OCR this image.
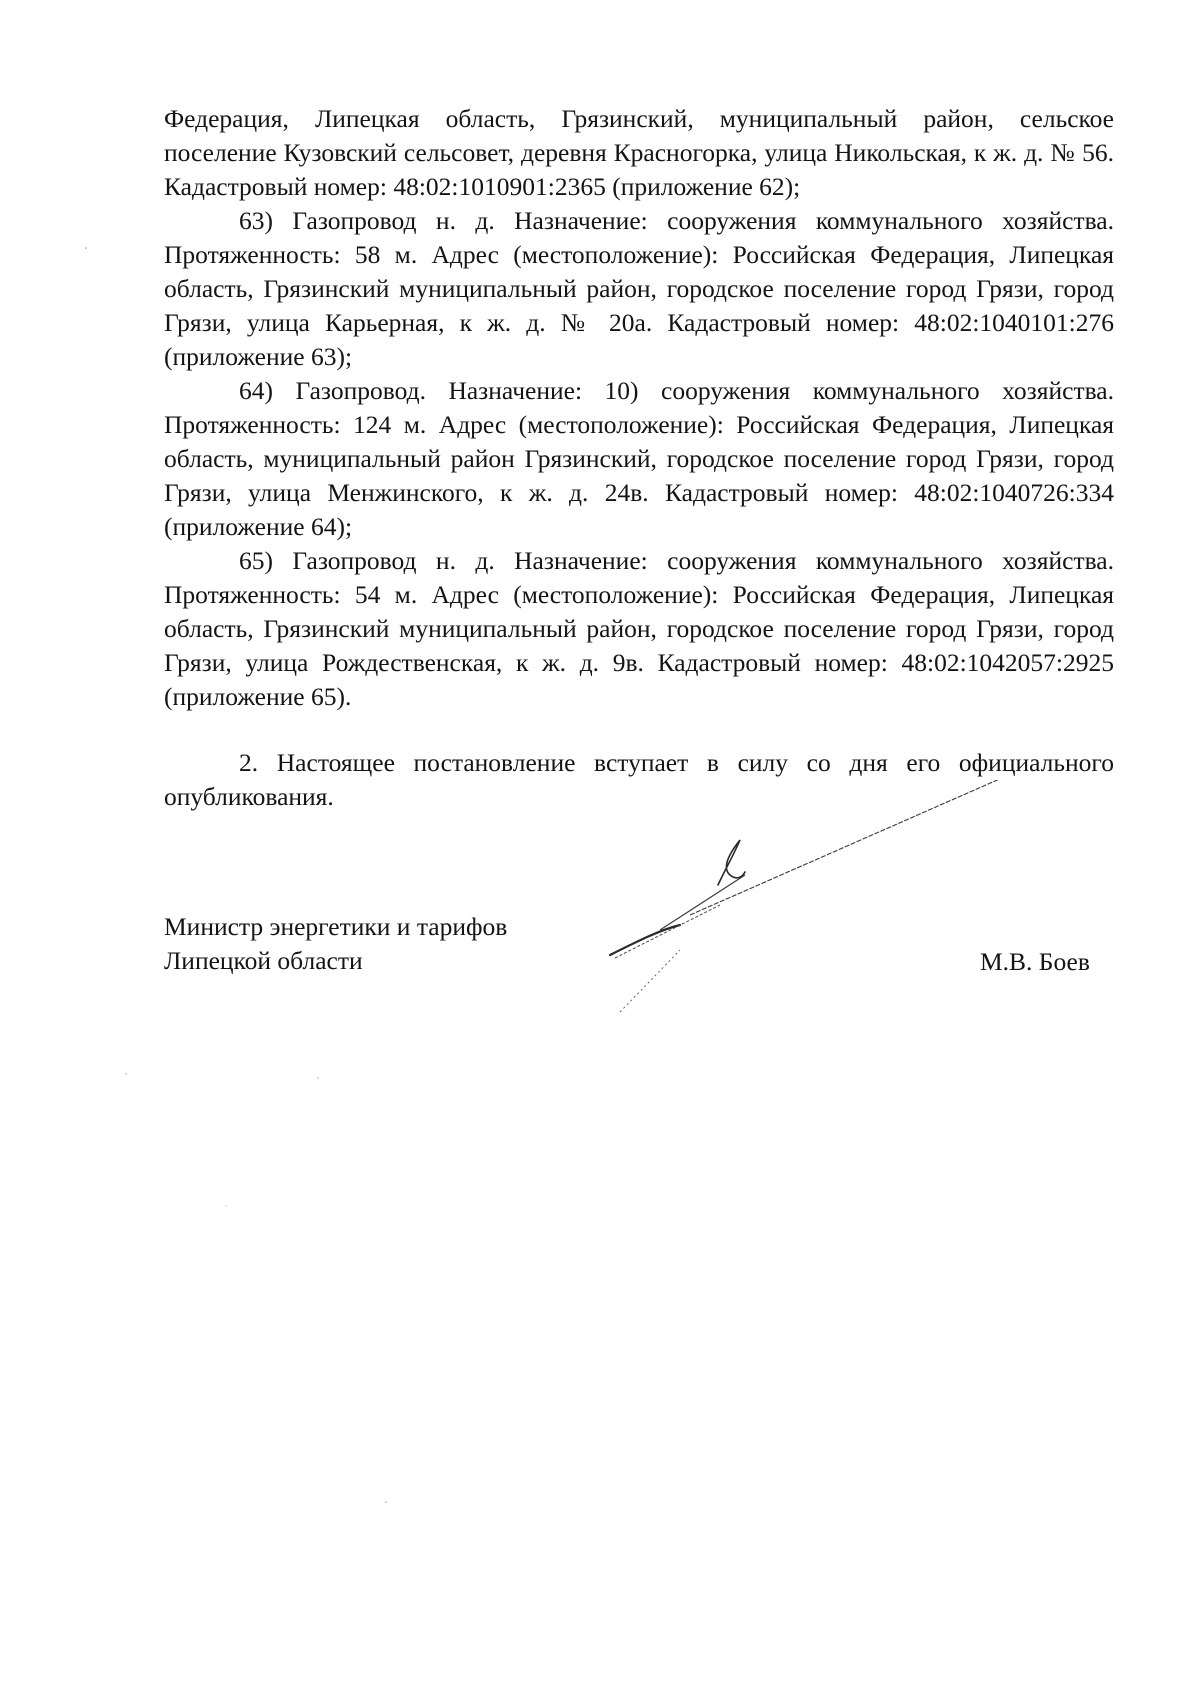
Федерация, Липецкая область, Грязинский, муниципальный район, сельское поселение Кузовский сельсовет, деревня Красногорка, улица Никольская, к ж. д. № 56. Кадастровый номер: 48:02:1010901:2365 (приложение 62);

63) Газопровод н. д. Назначение: сооружения коммунального хозяйства. Протяженность: 58 м. Адрес (местоположение): Российская Федерация, Липецкая область, Грязинский муниципальный район, городское поселение город Грязи, город Грязи, улица Карьерная, к ж. д. № 20а. Кадастровый номер: 48:02:1040101:276 (приложение 63);

64) Газопровод. Назначение: 10) сооружения коммунального хозяйства. Протяженность: 124 м. Адрес (местоположение): Российская Федерация, Липецкая область, муниципальный район Грязинский, городское поселение город Грязи, город Грязи, улица Менжинского, к ж. д. 24в. Кадастровый номер: 48:02:1040726:334 (приложение 64);

65) Газопровод н. д. Назначение: сооружения коммунального хозяйства. Протяженность: 54 м. Адрес (местоположение): Российская Федерация, Липецкая область, Грязинский муниципальный район, городское поселение город Грязи, город Грязи, улица Рождественская, к ж. д. 9в. Кадастровый номер: 48:02:1042057:2925 (приложение 65).

2. Настоящее постановление вступает в силу со дня его официального опубликования.

Министр энергетики и тарифов
Липецкой области	М.В. Боев
